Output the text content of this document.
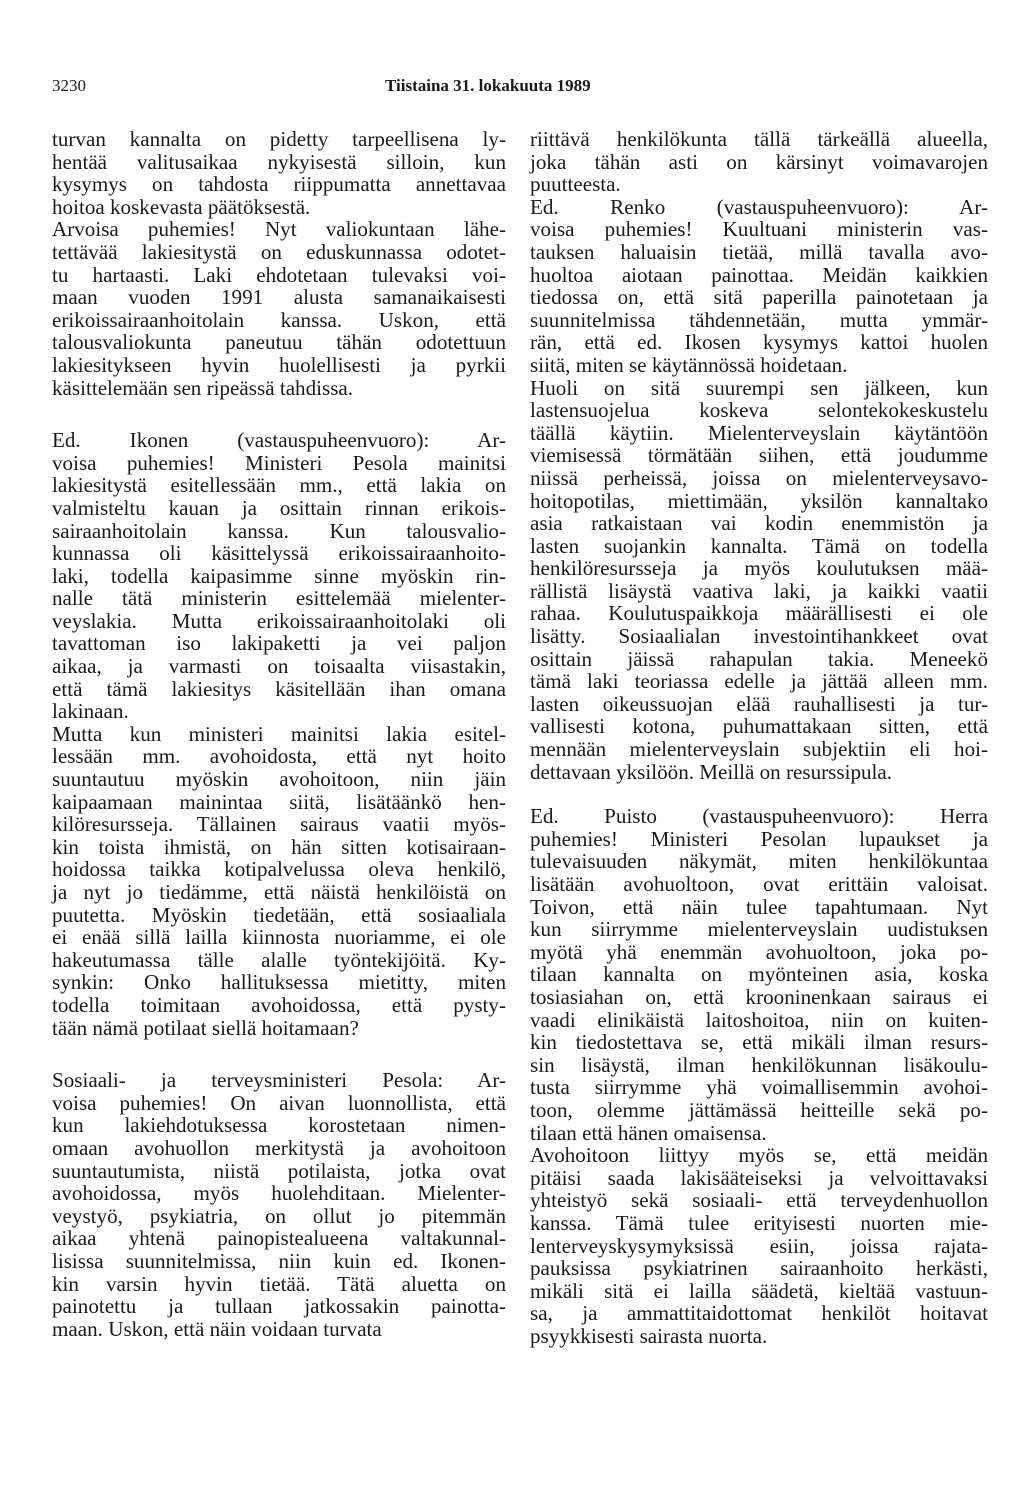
3230	Tiistaina 31. lokakuuta 1989

turvan kannalta on pidetty tarpeellisena ly-
hentää valitusaikaa nykyisestä silloin, kun
kysymys on tahdosta riippumatta annettavaa
hoitoa koskevasta päätöksestä.

Arvoisa puhemies! Nyt valiokuntaan lähe-
tettävää lakiesitystä on eduskunnassa odotet-
tu hartaasti. Laki ehdotetaan tulevaksi voi-
maan vuoden 1991 alusta samanaikaisesti
erikoissairaanhoitolain kanssa. Uskon, että
talousvaliokunta paneutuu tähän odotettuun
lakiesitykseen hyvin huolellisesti ja pyrkii
käsittelemään sen ripeässä tahdissa.

Ed. Ikonen (vastauspuheenvuoro): Ar-
voisa puhemies! Ministeri Pesola mainitsi
lakiesitystä esitellessään mm., että lakia on
valmisteltu kauan ja osittain rinnan erikois-
sairaanhoitolain kanssa. Kun talousvalio-
kunnassa oli käsittelyssä erikoissairaanhoito-
laki, todella kaipasimme sinne myöskin rin-
nalle tätä ministerin esittelemää mielenter-
veyslakia. Mutta erikoissairaanhoitolaki oli
tavattoman iso lakipaketti ja vei paljon
aikaa, ja varmasti on toisaalta viisastakin,
että tämä lakiesitys käsitellään ihan omana
lakinaan.

Mutta kun ministeri mainitsi lakia esitel-
lessään mm. avohoidosta, että nyt hoito
suuntautuu myöskin avohoitoon, niin jäin
kaipaamaan mainintaa siitä, lisätäänkö hen-
kilöresursseja. Tällainen sairaus vaatii myös-
kin toista ihmistä, on hän sitten kotisairaan-
hoidossa taikka kotipalvelussa oleva henkilö,
ja nyt jo tiedämme, että näistä henkilöistä on
puutetta. Myöskin tiedetään, että sosiaaliala
ei enää sillä lailla kiinnosta nuoriamme, ei ole
hakeutumassa tälle alalle työntekijöitä. Ky-
synkin: Onko hallituksessa mietitty, miten
todella toimitaan avohoidossa, että pysty-
tään nämä potilaat siellä hoitamaan?

Sosiaali- ja terveysministeri Pesola: Ar-
voisa puhemies! On aivan luonnollista, että
kun lakiehdotuksessa korostetaan nimen-
omaan avohuollon merkitystä ja avohoitoon
suuntautumista, niistä potilaista, jotka ovat
avohoidossa, myös huolehditaan. Mielenter-
veystyö, psykiatria, on ollut jo pitemmän
aikaa yhtenä painopistealueena valtakunnal-
lisissa suunnitelmissa, niin kuin ed. Ikonen-
kin varsin hyvin tietää. Tätä aluetta on
painotettu ja tullaan jatkossakin painotta-
maan. Uskon, että näin voidaan turvata

riittävä henkilökunta tällä tärkeällä alueella,
joka tähän asti on kärsinyt voimavarojen
puutteesta.

Ed. Renko (vastauspuheenvuoro): Ar-
voisa puhemies! Kuultuani ministerin vas-
tauksen haluaisin tietää, millä tavalla avo-
huoltoa aiotaan painottaa. Meidän kaikkien
tiedossa on, että sitä paperilla painotetaan ja
suunnitelmissa tähdennetään, mutta ymmär-
rän, että ed. Ikosen kysymys kattoi huolen
siitä, miten se käytännössä hoidetaan.

Huoli on sitä suurempi sen jälkeen, kun
lastensuojelua koskeva selontekokeskustelu
täällä käytiin. Mielenterveyslain käytäntöön
viemisessä törmätään siihen, että joudumme
niissä perheissä, joissa on mielenterveysavo-
hoitopotilas, miettimään, yksilön kannaltako
asia ratkaistaan vai kodin enemmistön ja
lasten suojankin kannalta. Tämä on todella
henkilöresursseja ja myös koulutuksen mää-
rällistä lisäystä vaativa laki, ja kaikki vaatii
rahaa. Koulutuspaikkoja määrällisesti ei ole
lisätty. Sosiaalialan investointihankkeet ovat
osittain jäissä rahapulan takia. Meneekö
tämä laki teoriassa edelle ja jättää alleen mm.
lasten oikeussuojan elää rauhallisesti ja tur-
vallisesti kotona, puhumattakaan sitten, että
mennään mielenterveyslain subjektiin eli hoi-
dettavaan yksilöön. Meillä on resurssipula.

Ed. Puisto (vastauspuheenvuoro): Herra
puhemies! Ministeri Pesolan lupaukset ja
tulevaisuuden näkymät, miten henkilökuntaa
lisätään avohuoltoon, ovat erittäin valoisat.
Toivon, että näin tulee tapahtumaan. Nyt
kun siirrymme mielenterveyslain uudistuksen
myötä yhä enemmän avohuoltoon, joka po-
tilaan kannalta on myönteinen asia, koska
tosiasiahan on, että krooninenkaan sairaus ei
vaadi elinikäistä laitoshoitoa, niin on kuiten-
kin tiedostettava se, että mikäli ilman resurs-
sin lisäystä, ilman henkilökunnan lisäkoulu-
tusta siirrymme yhä voimallisemmin avohoi-
toon, olemme jättämässä heitteille sekä po-
tilaan että hänen omaisensa.

Avohoitoon liittyy myös se, että meidän
pitäisi saada lakisääteiseksi ja velvoittavaksi
yhteistyö sekä sosiaali- että terveydenhuollon
kanssa. Tämä tulee erityisesti nuorten mie-
lenterveyskysymyksissä esiin, joissa rajata-
pauksissa psykiatrinen sairaanhoito herkästi,
mikäli sitä ei lailla säädetä, kieltää vastuun-
sa, ja ammattitaidottomat henkilöt hoitavat
psyykkisesti sairasta nuorta.
